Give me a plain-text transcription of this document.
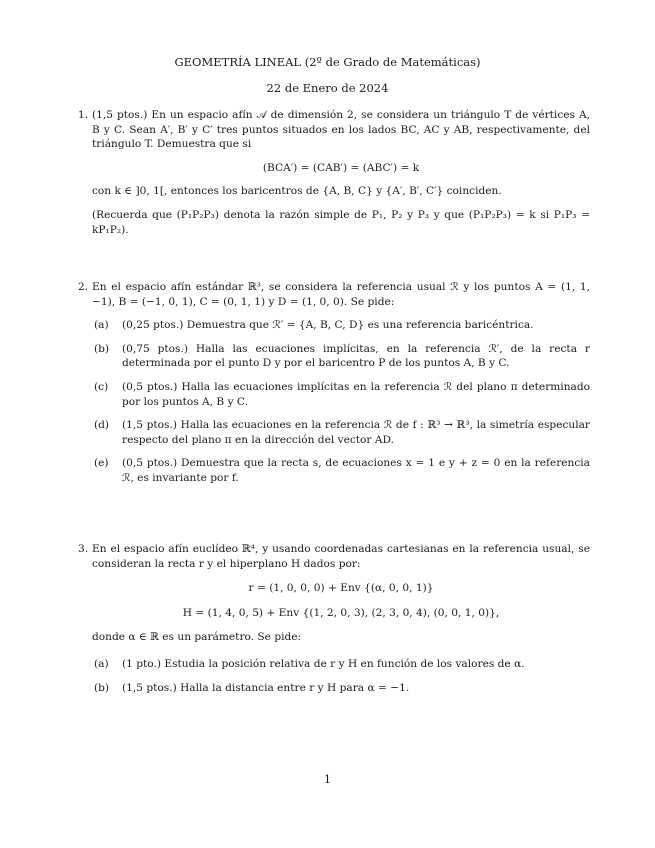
GEOMETRÍA LINEAL (2º de Grado de Matemáticas)
22 de Enero de 2024
1. (1,5 ptos.) En un espacio afín 𝒜 de dimensión 2, se considera un triángulo T de vértices A, B y C. Sean A′, B′ y C′ tres puntos situados en los lados BC, AC y AB, respectivamente, del triángulo T. Demuestra que si

(BCA′) = (CAB′) = (ABC′) = k

con k ∈ ]0, 1[, entonces los baricentros de {A, B, C} y {A′, B′, C′} coinciden.

(Recuerda que (P₁P₂P₃) denota la razón simple de P₁, P₂ y P₃ y que (P₁P₂P₃) = k si P₁P₃ = kP₁P₂).

2. En el espacio afín estándar ℝ³, se considera la referencia usual ℛ y los puntos A = (1, 1, −1), B = (−1, 0, 1), C = (0, 1, 1) y D = (1, 0, 0). Se pide:

(a) (0,25 ptos.) Demuestra que ℛ′ = {A, B, C, D} es una referencia baricéntrica.
(b) (0,75 ptos.) Halla las ecuaciones implícitas, en la referencia ℛ′, de la recta r determinada por el punto D y por el baricentro P de los puntos A, B y C.
(c) (0,5 ptos.) Halla las ecuaciones implícitas en la referencia ℛ del plano π determinado por los puntos A, B y C.
(d) (1,5 ptos.) Halla las ecuaciones en la referencia ℛ de f : ℝ³ → ℝ³, la simetría especular respecto del plano π en la dirección del vector AD.
(e) (0,5 ptos.) Demuestra que la recta s, de ecuaciones x = 1 e y + z = 0 en la referencia ℛ, es invariante por f.
3. En el espacio afín euclídeo ℝ⁴, y usando coordenadas cartesianas en la referencia usual, se consideran la recta r y el hiperplano H dados por:

r = (1, 0, 0, 0) + Env {(α, 0, 0, 1)}

H = (1, 4, 0, 5) + Env {(1, 2, 0, 3), (2, 3, 0, 4), (0, 0, 1, 0)},

donde α ∈ ℝ es un parámetro. Se pide:

(a) (1 pto.) Estudia la posición relativa de r y H en función de los valores de α.
(b) (1,5 ptos.) Halla la distancia entre r y H para α = −1.
1
